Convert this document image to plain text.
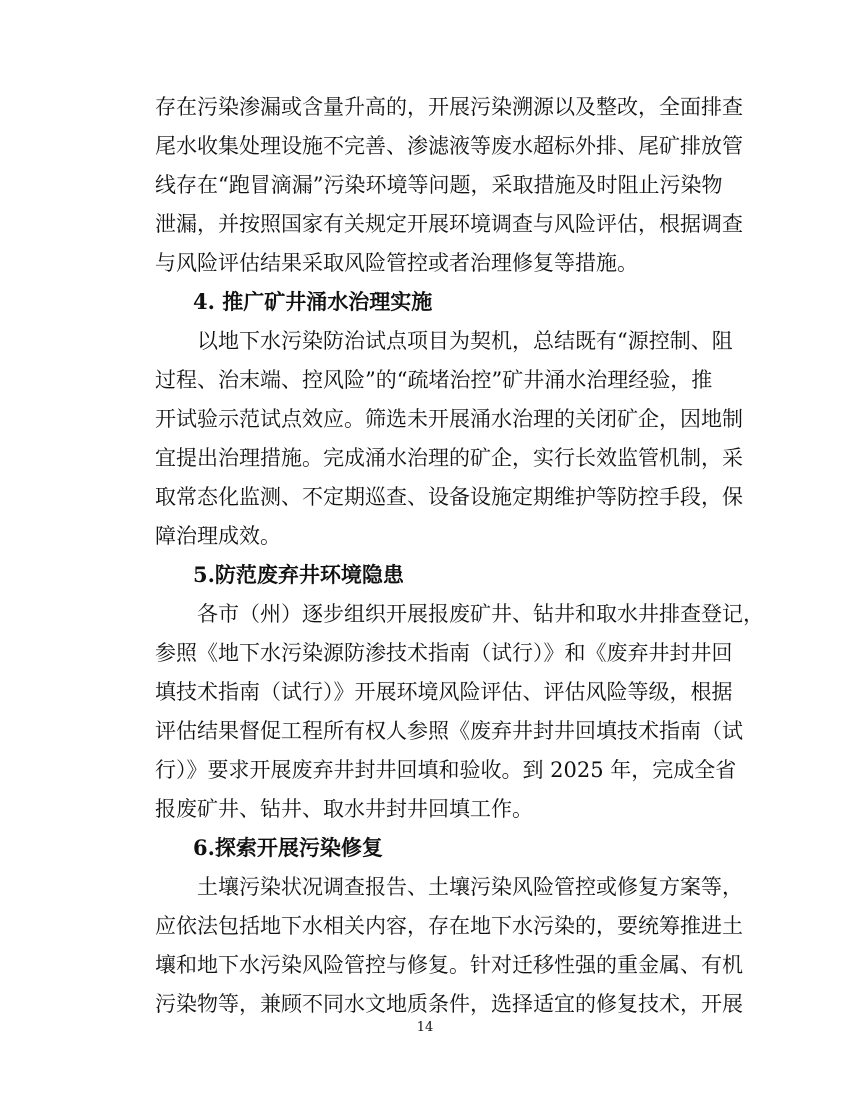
存在污染渗漏或含量升高的，开展污染溯源以及整改，全面排查
尾水收集处理设施不完善、渗滤液等废水超标外排、尾矿排放管
线存在“跑冒滴漏”污染环境等问题，采取措施及时阻止污染物
泄漏，并按照国家有关规定开展环境调查与风险评估，根据调查
与风险评估结果采取风险管控或者治理修复等措施。
4. 推广矿井涌水治理实施
以地下水污染防治试点项目为契机，总结既有“源控制、阻
过程、治末端、控风险”的“疏堵治控”矿井涌水治理经验，推
开试验示范试点效应。筛选未开展涌水治理的关闭矿企，因地制
宜提出治理措施。完成涌水治理的矿企，实行长效监管机制，采
取常态化监测、不定期巡查、设备设施定期维护等防控手段，保
障治理成效。
5.防范废弃井环境隐患
各市（州）逐步组织开展报废矿井、钻井和取水井排查登记，
参照《地下水污染源防渗技术指南（试行）》和《废弃井封井回
填技术指南（试行）》开展环境风险评估、评估风险等级，根据
评估结果督促工程所有权人参照《废弃井封井回填技术指南（试
行）》要求开展废弃井封井回填和验收。到 2025 年，完成全省
报废矿井、钻井、取水井封井回填工作。
6.探索开展污染修复
土壤污染状况调查报告、土壤污染风险管控或修复方案等，
应依法包括地下水相关内容，存在地下水污染的，要统筹推进土
壤和地下水污染风险管控与修复。针对迁移性强的重金属、有机
污染物等，兼顾不同水文地质条件，选择适宜的修复技术，开展
14
